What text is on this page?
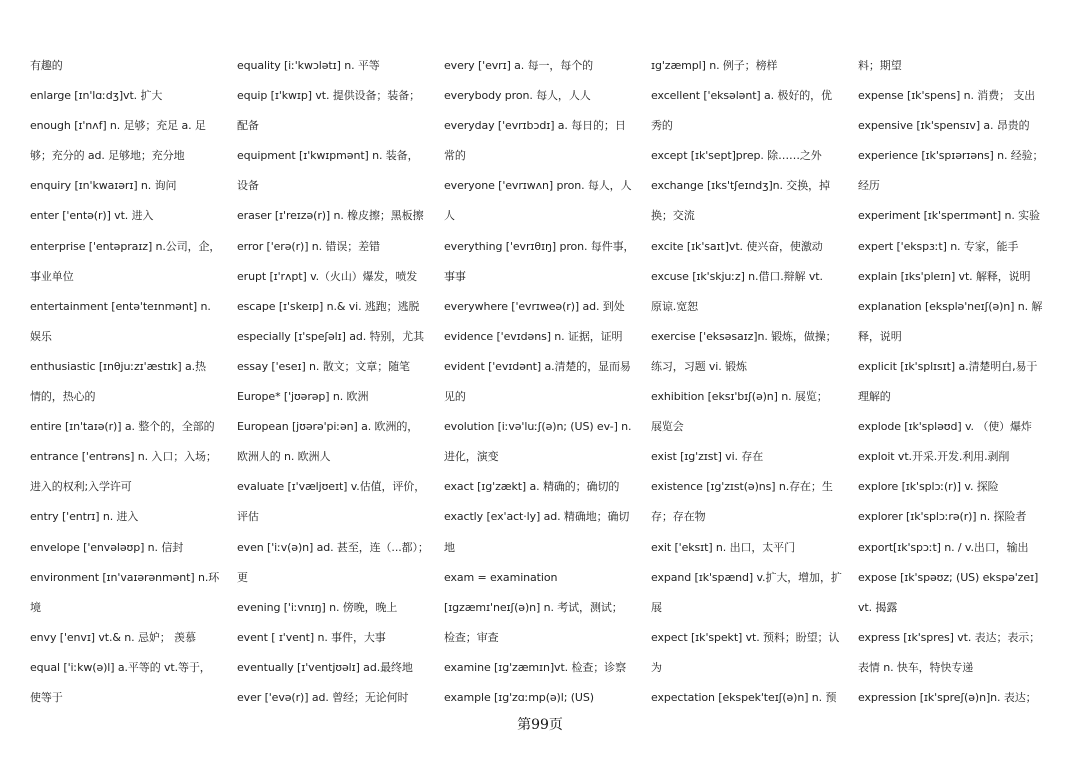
有趣的
enlarge [ɪn'lɑːdʒ]vt. 扩大
enough [ɪ'nʌf] n. 足够；充足 a. 足
够；充分的 ad. 足够地；充分地
enquiry [ɪn'kwaɪərɪ] n. 询问
enter ['entə(r)] vt. 进入
enterprise ['entəpraɪz] n.公司，企，
事业单位
entertainment [entə'teɪnmənt] n.
娱乐
enthusiastic [ɪnθjuːzɪ'æstɪk] a.热
情的，热心的
entire [ɪn'taɪə(r)] a. 整个的，全部的
entrance ['entrəns] n. 入口；入场；
进入的权利;入学许可
entry ['entrɪ] n. 进入
envelope ['envələʊp] n. 信封
environment [ɪn'vaɪərənmənt] n.环
境
envy ['envɪ] vt.& n. 忌妒； 羡慕
equal ['iːkw(ə)l] a.平等的 vt.等于，
使等于
equality [iː'kwɔlətɪ] n. 平等
equip [ɪ'kwɪp] vt. 提供设备；装备；
配备
equipment [ɪ'kwɪpmənt] n. 装备，
设备
eraser [ɪ'reɪzə(r)] n. 橡皮擦；黑板擦
error ['erə(r)] n. 错误；差错
erupt [ɪ'rʌpt] v.（火山）爆发，喷发
escape [ɪ'skeɪp] n.& vi. 逃跑；逃脱
especially [ɪ'speʃəlɪ] ad. 特别，尤其
essay ['eseɪ] n. 散文；文章；随笔
Europe* ['jʊərəp] n. 欧洲
European [jʊərə'piːən] a. 欧洲的，
欧洲人的 n. 欧洲人
evaluate [ɪ'væljʊeɪt] v.估值，评价，
评估
even ['iːv(ə)n] ad. 甚至，连（...都）；
更
evening ['iːvnɪŋ] n. 傍晚，晚上
event [ ɪ'vent] n. 事件，大事
eventually [ɪ'ventjʊəlɪ] ad.最终地
ever ['evə(r)] ad. 曾经；无论何时
every ['evrɪ] a. 每一，每个的
everybody pron. 每人，人人
everyday ['evrɪbɔdɪ] a. 每日的；日
常的
everyone ['evrɪwʌn] pron. 每人，人
人
everything ['evrɪθɪŋ] pron. 每件事，
事事
everywhere ['evrɪweə(r)] ad. 到处
evidence ['evɪdəns] n. 证据，证明
evident ['evɪdənt] a.清楚的，显而易
见的
evolution [iːvə'luːʃ(ə)n; (US) ev-] n.
进化，演变
exact [ɪg'zækt] a. 精确的；确切的
exactly [ex'act·ly] ad. 精确地；确切
地
exam = examination
[ɪgzæmɪ'neɪʃ(ə)n] n. 考试，测试；
检查；审查
examine [ɪg'zæmɪn]vt. 检查；诊察
example [ɪg'zɑːmp(ə)l; (US)
ɪg'zæmpl] n. 例子；榜样
excellent ['eksələnt] a. 极好的，优
秀的
except [ɪk'sept]prep. 除……之外
exchange [ɪks'tʃeɪndʒ]n. 交换，掉
换；交流
excite [ɪk'saɪt]vt. 使兴奋，使激动
excuse [ɪk'skjuːz] n.借口.辩解 vt.
原谅.宽恕
exercise ['eksəsaɪz]n. 锻炼，做操；
练习，习题 vi. 锻炼
exhibition [eksɪ'bɪʃ(ə)n] n. 展览；
展览会
exist [ɪg'zɪst] vi. 存在
existence [ɪg'zɪst(ə)ns] n.存在；生
存；存在物
exit ['eksɪt] n. 出口，太平门
expand [ɪk'spænd] v.扩大，增加，扩
展
expect [ɪk'spekt] vt. 预料；盼望；认
为
expectation [ekspek'teɪʃ(ə)n] n. 预
料；期望
expense [ɪk'spens] n. 消费； 支出
expensive [ɪk'spensɪv] a. 昂贵的
experience [ɪk'spɪərɪəns] n. 经验；
经历
experiment [ɪk'sperɪmənt] n. 实验
expert ['ekspɜːt] n. 专家，能手
explain [ɪks'pleɪn] vt. 解释，说明
explanation [eksplə'neɪʃ(ə)n] n. 解
释，说明
explicit [ɪk'splɪsɪt] a.清楚明白,易于
理解的
explode [ɪk'spləʊd] v. （使）爆炸
exploit vt.开采.开发.利用.剥削
explore [ɪk'splɔː(r)] v. 探险
explorer [ɪk'splɔːrə(r)] n. 探险者
export[ɪk'spɔːt] n. / v.出口，输出
expose [ɪk'spəʊz; (US) ekspə'zeɪ]
vt. 揭露
express [ɪk'spres] vt. 表达；表示；
表情 n. 快车，特快专递
expression [ɪk'spreʃ(ə)n]n. 表达；
第99页
